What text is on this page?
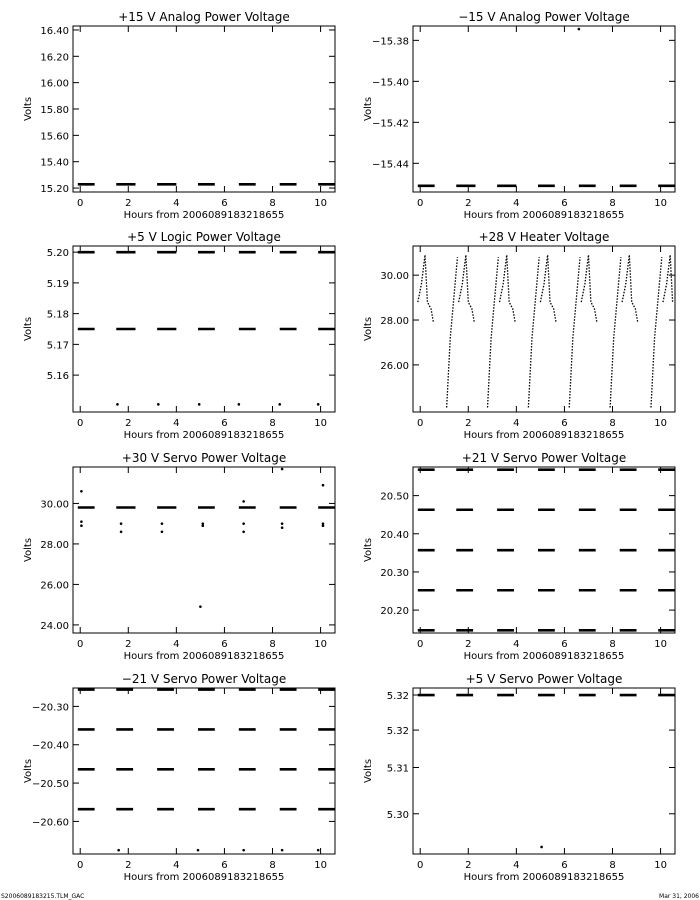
+15 V Analog Power Voltage
Hours from 2006089183218655
Volts
0	2	4	6	8	10
15.20
15.40
15.60
15.80
16.00
16.20
16.40
−15 V Analog Power Voltage
Hours from 2006089183218655
Volts
0	2	4	6	8	10
−15.38
−15.40
−15.42
−15.44
+5 V Logic Power Voltage
Hours from 2006089183218655
Volts
0	2	4	6	8	10
5.16
5.17
5.18
5.19
5.20
+28 V Heater Voltage
Hours from 2006089183218655
Volts
0	2	4	6	8	10
26.00
28.00
30.00
+30 V Servo Power Voltage
Hours from 2006089183218655
Volts
0	2	4	6	8	10
24.00
26.00
28.00
30.00
+21 V Servo Power Voltage
Hours from 2006089183218655
Volts
0	2	4	6	8	10
20.20
20.30
20.40
20.50
−21 V Servo Power Voltage
Hours from 2006089183218655
Volts
0	2	4	6	8	10
−20.30
−20.40
−20.50
−20.60
+5 V Servo Power Voltage
Hours from 2006089183218655
Volts
0	2	4	6	8	10
5.30
5.31
5.32
5.32
S2006089183215.TLM_GAC	Mar 31, 2006
